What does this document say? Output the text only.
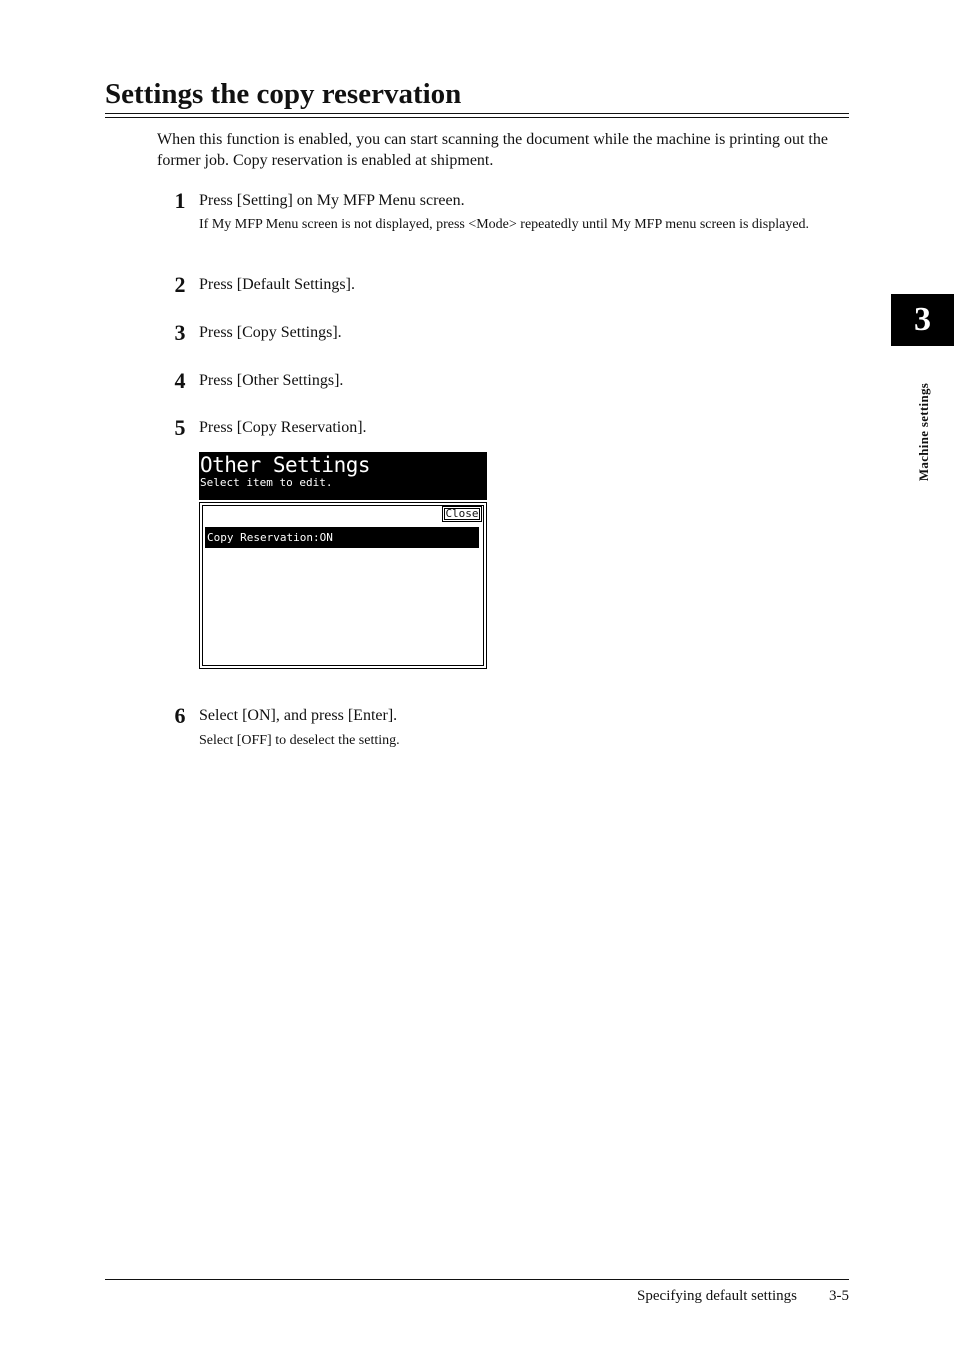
Settings the copy reservation

When this function is enabled, you can start scanning the document while the machine is printing out the former job. Copy reservation is enabled at shipment.

1 Press [Setting] on My MFP Menu screen.
If My MFP Menu screen is not displayed, press <Mode> repeatedly until My MFP menu screen is displayed.
2 Press [Default Settings].
3 Press [Copy Settings].
4 Press [Other Settings].
5 Press [Copy Reservation].
Other Settings
Select item to edit.
Close
Copy Reservation:ON
6 Select [ON], and press [Enter].
Select [OFF] to deselect the setting.
3
Machine settings
Specifying default settings 3-5
